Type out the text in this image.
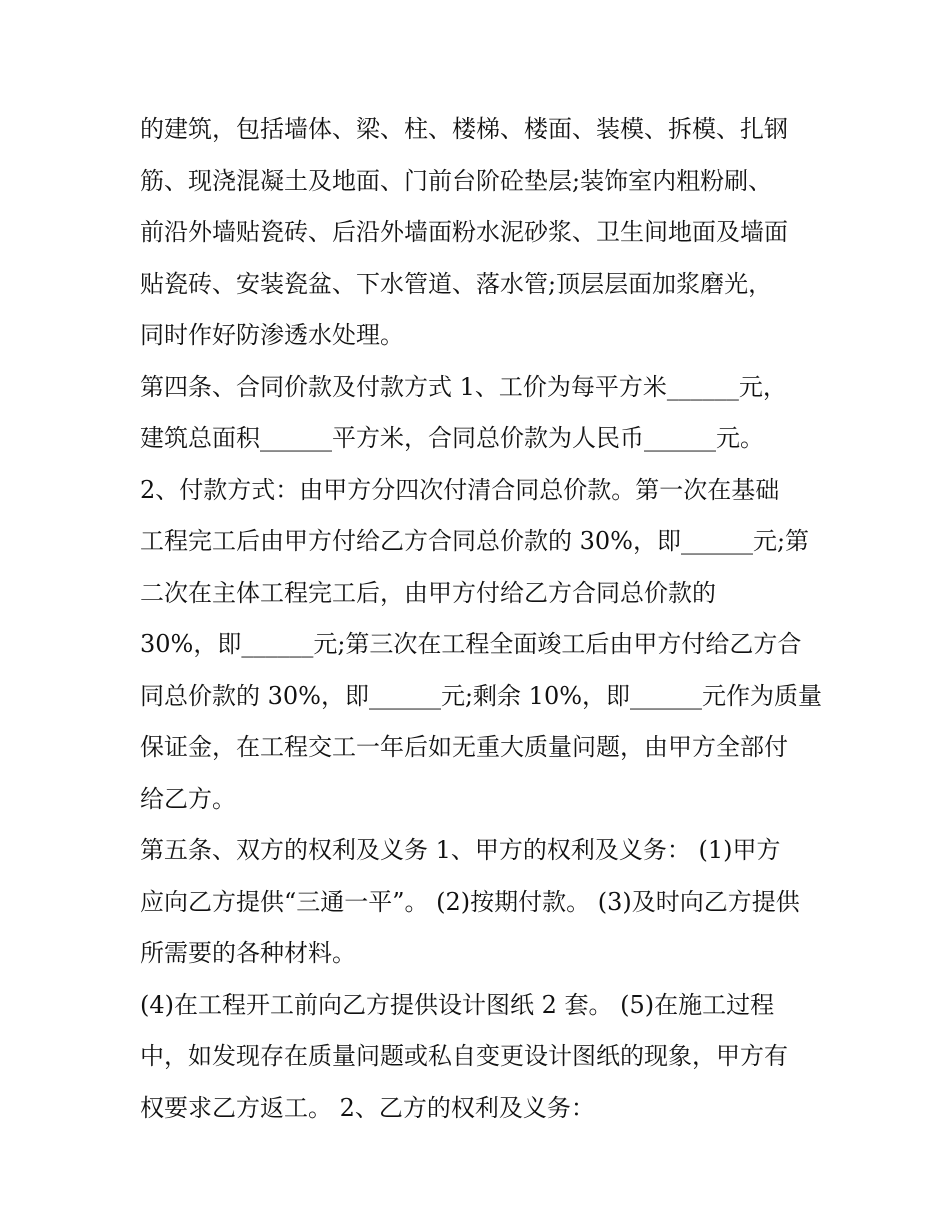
的建筑，包括墙体、梁、柱、楼梯、楼面、装模、拆模、扎钢
筋、现浇混凝土及地面、门前台阶砼垫层;装饰室内粗粉刷、
前沿外墙贴瓷砖、后沿外墙面粉水泥砂浆、卫生间地面及墙面
贴瓷砖、安装瓷盆、下水管道、落水管;顶层层面加浆磨光，
同时作好防渗透水处理。
第四条、合同价款及付款方式 1、工价为每平方米______元，
建筑总面积______平方米，合同总价款为人民币______元。
2、付款方式：由甲方分四次付清合同总价款。第一次在基础
工程完工后由甲方付给乙方合同总价款的 30%，即______元;第
二次在主体工程完工后，由甲方付给乙方合同总价款的
30%，即______元;第三次在工程全面竣工后由甲方付给乙方合
同总价款的 30%，即______元;剩余 10%，即______元作为质量
保证金，在工程交工一年后如无重大质量问题，由甲方全部付
给乙方。
第五条、双方的权利及义务 1、甲方的权利及义务： (1)甲方
应向乙方提供“三通一平”。 (2)按期付款。 (3)及时向乙方提供
所需要的各种材料。
(4)在工程开工前向乙方提供设计图纸 2 套。 (5)在施工过程
中，如发现存在质量问题或私自变更设计图纸的现象，甲方有
权要求乙方返工。 2、乙方的权利及义务：
